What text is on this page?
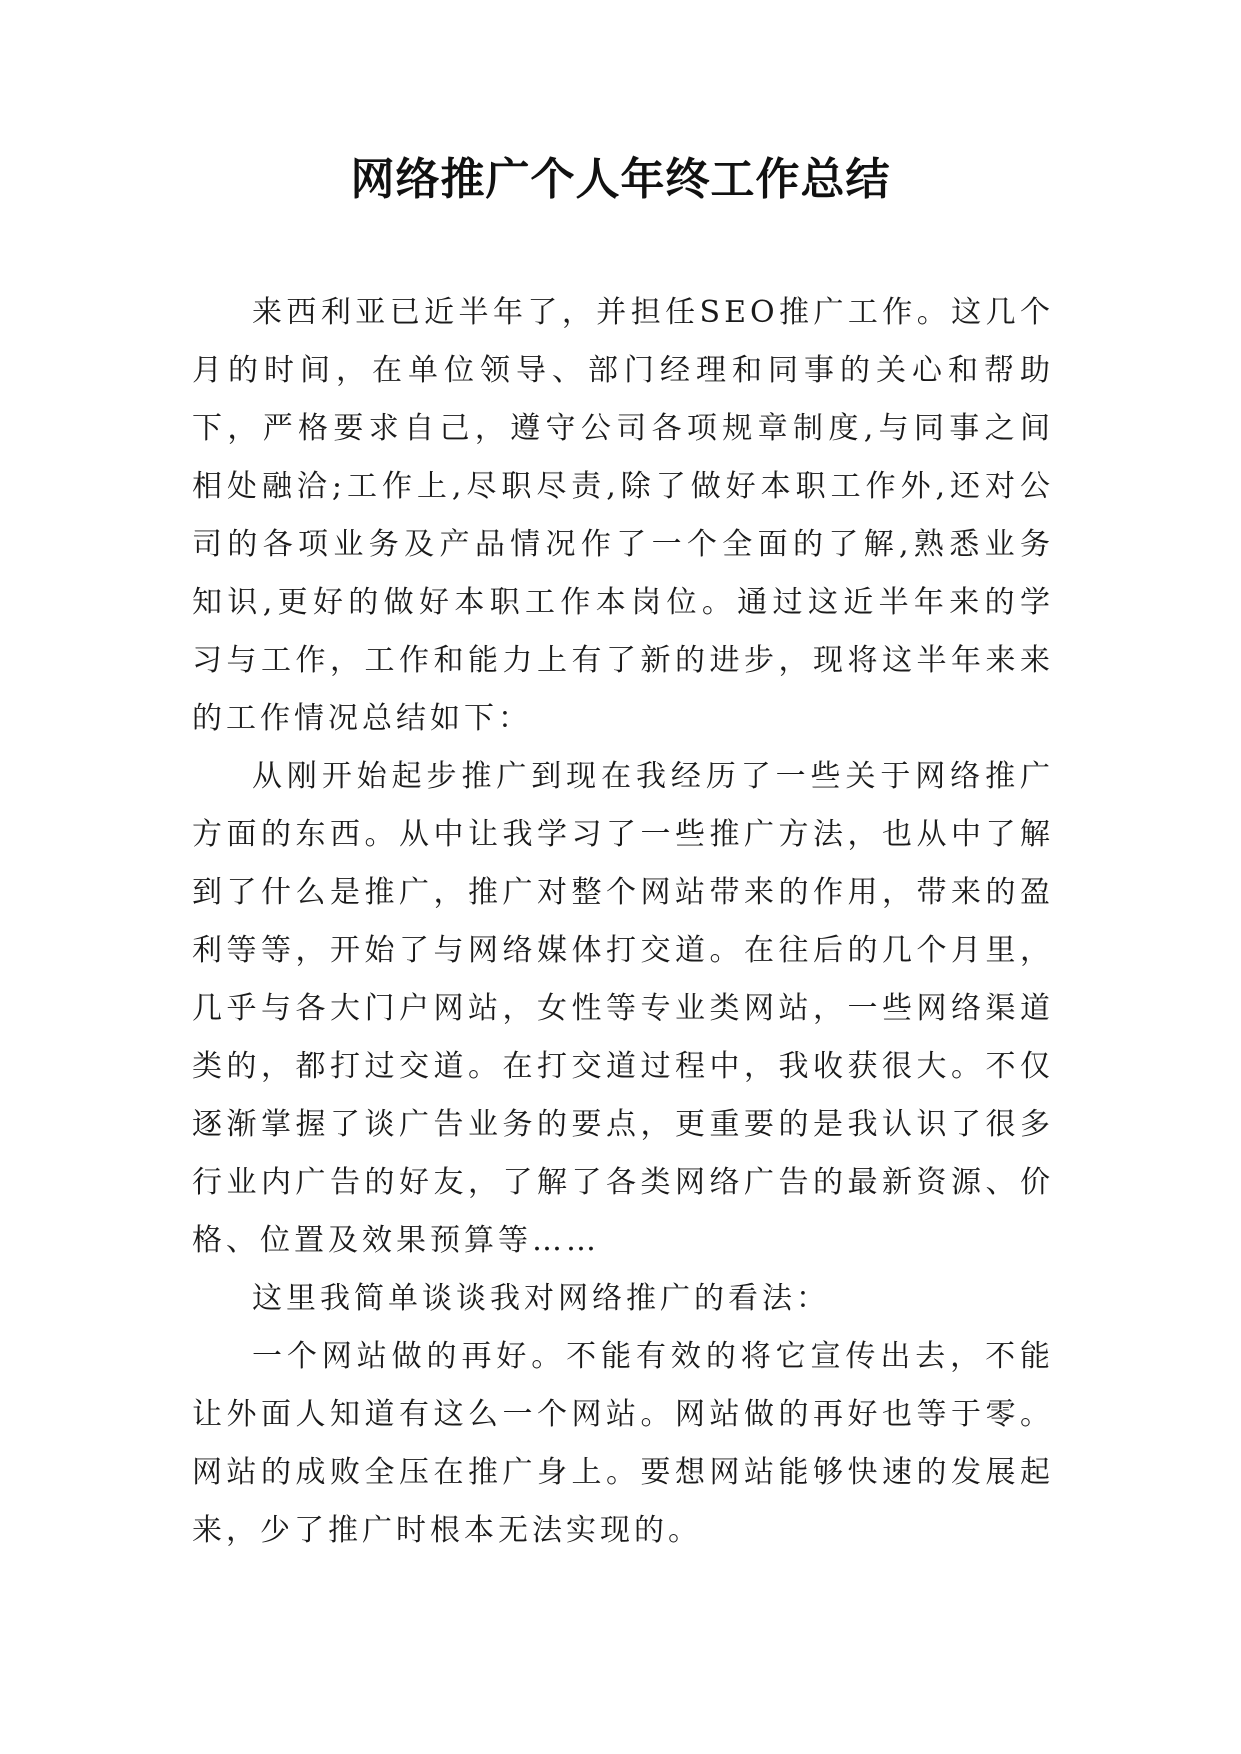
网络推广个人年终工作总结

来西利亚已近半年了，并担任SEO推广工作。这几个月的时间，在单位领导、部门经理和同事的关心和帮助下，严格要求自己，遵守公司各项规章制度,与同事之间相处融洽;工作上,尽职尽责,除了做好本职工作外,还对公司的各项业务及产品情况作了一个全面的了解,熟悉业务知识,更好的做好本职工作本岗位。通过这近半年来的学习与工作，工作和能力上有了新的进步，现将这半年来来的工作情况总结如下：

从刚开始起步推广到现在我经历了一些关于网络推广方面的东西。从中让我学习了一些推广方法，也从中了解到了什么是推广，推广对整个网站带来的作用，带来的盈利等等，开始了与网络媒体打交道。在往后的几个月里，几乎与各大门户网站，女性等专业类网站，一些网络渠道类的，都打过交道。在打交道过程中，我收获很大。不仅逐渐掌握了谈广告业务的要点，更重要的是我认识了很多行业内广告的好友，了解了各类网络广告的最新资源、价格、位置及效果预算等……

这里我简单谈谈我对网络推广的看法：

一个网站做的再好。不能有效的将它宣传出去，不能让外面人知道有这么一个网站。网站做的再好也等于零。网站的成败全压在推广身上。要想网站能够快速的发展起来，少了推广时根本无法实现的。
